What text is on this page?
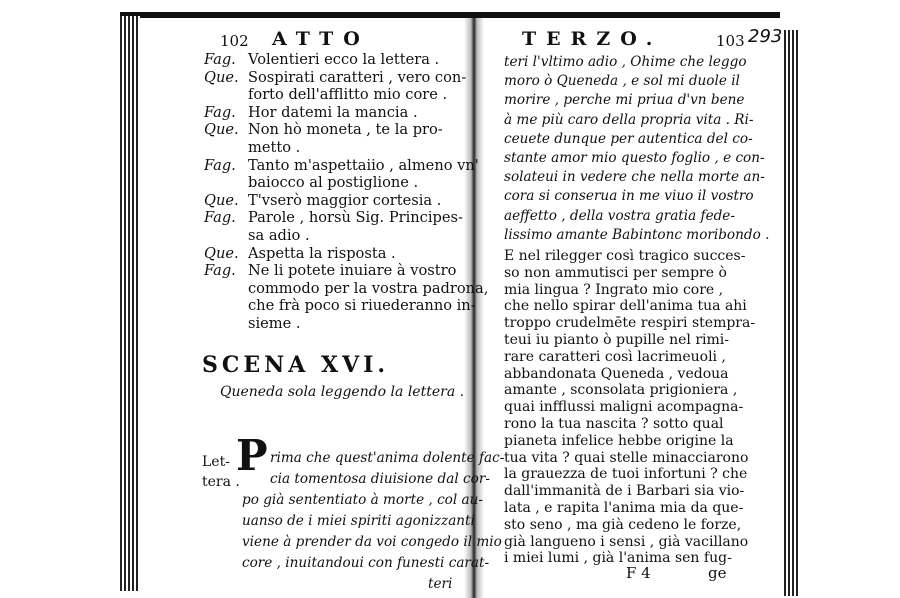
102 ATTO
Fag. Volentieri ecco la lettera .
Que. Sospirati caratteri , vero con-
forto dell'afflitto mio core .
Fag. Hor datemi la mancia .
Que. Non hò moneta , te la pro-
metto .
Fag. Tanto m'aspettaiio , almeno vn'
baiocco al postiglione .
Que. T'vserò maggior cortesia .
Fag. Parole , horsù Sig. Principes-
sa adio .
Que. Aspetta la risposta .
Fag. Ne li potete inuiare à vostro
commodo per la vostra padrona,
che frà poco si riuederanno in-
sieme .
SCENA XVI.
Queneda sola leggendo la lettera .
Let-
tera .
P rima che quest'anima dolente fac-
cia tomentosa diuisione dal cor-
po già sententiato à morte , col au-
uanso de i miei spiriti agonizzanti
viene à prender da voi congedo il mio
core , inuitandoui con funesti carat-
teri
TERZO.	103 293
teri l'vltimo adio , Ohime che leggo
moro ò Queneda , e sol mi duole il
morire , perche mi priua d'vn bene
à me più caro della propria vita . Ri-
ceuete dunque per autentica del co-
stante amor mio questo foglio , e con-
solateui in vedere che nella morte an-
cora si conserua in me viuo il vostro
aeffetto , della vostra gratia fede-
lissimo amante Babintonc moribondo .
E nel rilegger così tragico succes-
so non ammutisci per sempre ò
mia lingua ? Ingrato mio core ,
che nello spirar dell'anima tua ahi
troppo crudelmēte respiri stempra-
teui iu pianto ò pupille nel rimi-
rare caratteri così lacrimeuoli ,
abbandonata Queneda , vedoua
amante , sconsolata prigioniera ,
quai infflussi maligni acompagna-
rono la tua nascita ? sotto qual
pianeta infelice hebbe origine la
tua vita ? quai stelle minacciarono
la grauezza de tuoi infortuni ? che
dall'immanità de i Barbari sia vio-
lata , e rapita l'anima mia da que-
sto seno , ma già cedeno le forze,
già langueno i sensi , già vacillano
i miei lumi , già l'anima sen fug-
F 4	ge
